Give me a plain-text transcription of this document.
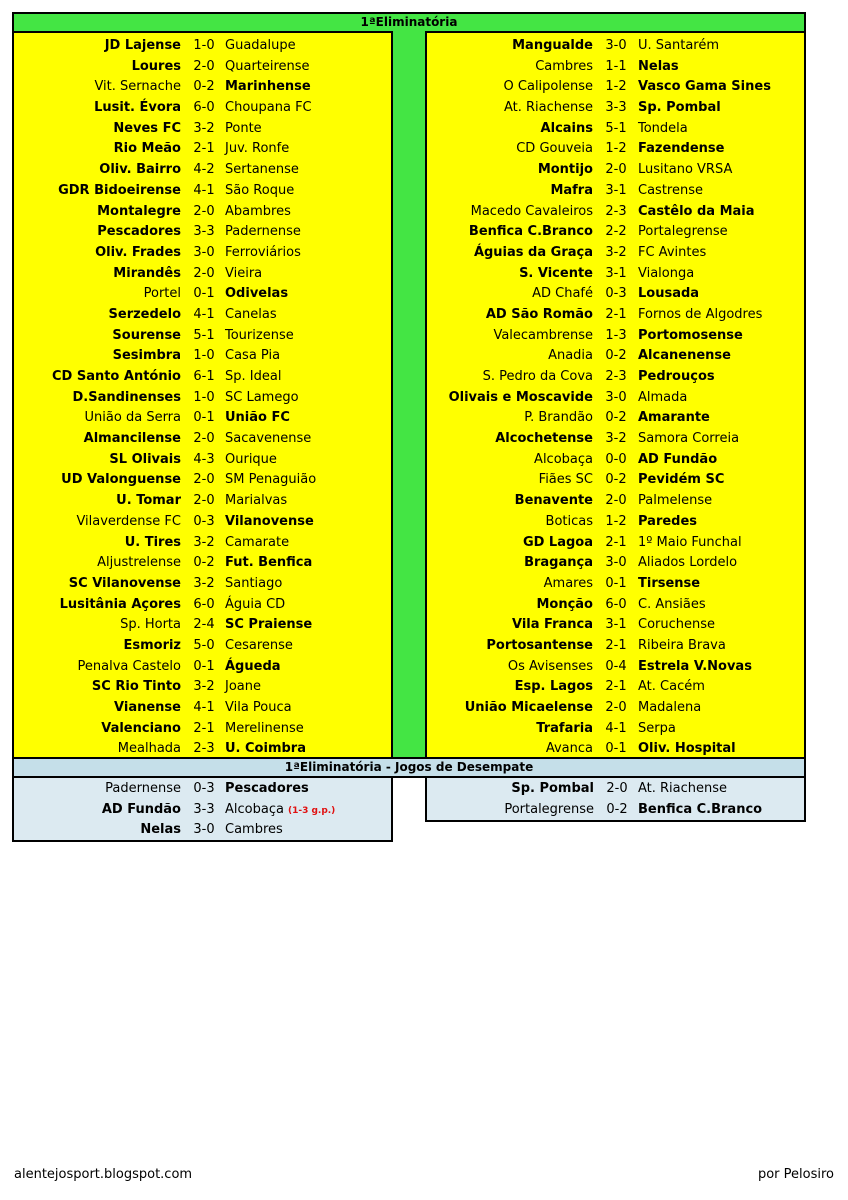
1ªEliminatória
JD Lajense 1-0 Guadalupe
Loures 2-0 Quarteirense
Vit. Sernache 0-2 Marinhense
Lusit. Évora 6-0 Choupana FC
Neves FC 3-2 Ponte
Rio Meão 2-1 Juv. Ronfe
Oliv. Bairro 4-2 Sertanense
GDR Bidoeirense 4-1 São Roque
Montalegre 2-0 Abambres
Pescadores 3-3 Padernense
Oliv. Frades 3-0 Ferroviários
Mirandês 2-0 Vieira
Portel 0-1 Odivelas
Serzedelo 4-1 Canelas
Sourense 5-1 Tourizense
Sesimbra 1-0 Casa Pia
CD Santo António 6-1 Sp. Ideal
D.Sandinenses 1-0 SC Lamego
União da Serra 0-1 União FC
Almancilense 2-0 Sacavenense
SL Olivais 4-3 Ourique
UD Valonguense 2-0 SM Penaguião
U. Tomar 2-0 Marialvas
Vilaverdense FC 0-3 Vilanovense
U. Tires 3-2 Camarate
Aljustrelense 0-2 Fut. Benfica
SC Vilanovense 3-2 Santiago
Lusitânia Açores 6-0 Águia CD
Sp. Horta 2-4 SC Praiense
Esmoriz 5-0 Cesarense
Penalva Castelo 0-1 Águeda
SC Rio Tinto 3-2 Joane
Vianense 4-1 Vila Pouca
Valenciano 2-1 Merelinense
Mealhada 2-3 U. Coimbra
Mangualde 3-0 U. Santarém
Cambres 1-1 Nelas
O Calipolense 1-2 Vasco Gama Sines
At. Riachense 3-3 Sp. Pombal
Alcains 5-1 Tondela
CD Gouveia 1-2 Fazendense
Montijo 2-0 Lusitano VRSA
Mafra 3-1 Castrense
Macedo Cavaleiros 2-3 Castêlo da Maia
Benfica C.Branco 2-2 Portalegrense
Águias da Graça 3-2 FC Avintes
S. Vicente 3-1 Vialonga
AD Chafé 0-3 Lousada
AD São Romão 2-1 Fornos de Algodres
Valecambrense 1-3 Portomosense
Anadia 0-2 Alcanenense
S. Pedro da Cova 2-3 Pedrouços
Olivais e Moscavide 3-0 Almada
P. Brandão 0-2 Amarante
Alcochetense 3-2 Samora Correia
Alcobaça 0-0 AD Fundão
Fiães SC 0-2 Pevidém SC
Benavente 2-0 Palmelense
Boticas 1-2 Paredes
GD Lagoa 2-1 1º Maio Funchal
Bragança 3-0 Aliados Lordelo
Amares 0-1 Tirsense
Monção 6-0 C. Ansiães
Vila Franca 3-1 Coruchense
Portosantense 2-1 Ribeira Brava
Os Avisenses 0-4 Estrela V.Novas
Esp. Lagos 2-1 At. Cacém
União Micaelense 2-0 Madalena
Trafaria 4-1 Serpa
Avanca 0-1 Oliv. Hospital
1ªEliminatória - Jogos de Desempate
Padernense 0-3 Pescadores
AD Fundão 3-3 Alcobaça (1-3 g.p.)
Nelas 3-0 Cambres
Sp. Pombal 2-0 At. Riachense
Portalegrense 0-2 Benfica C.Branco
alentejosport.blogspot.com	por Pelosiro
